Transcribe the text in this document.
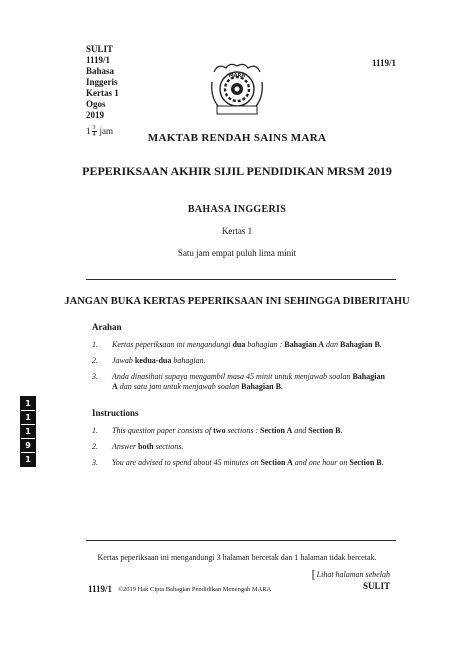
SULIT
1119/1
Bahasa
Inggeris
Kertas 1
Ogos
2019
$1 \frac{3}{4}$ jam
1119/1
MARA
MAKTAB RENDAH SAINS MARA
PEPERIKSAAN AKHIR SIJIL PENDIDIKAN MRSM 2019
BAHASA INGGERIS
Kertas 1
Satu jam empat puluh lima minit
JANGAN BUKA KERTAS PEPERIKSAAN INI SEHINGGA DIBERITAHU
Arahan
1.	Kertas peperiksaan ini mengandungi dua bahagian : Bahagian A dan Bahagian B.
2.	Jawab kedua-dua bahagian.
3.	Anda dinasihati supaya mengambil masa 45 minit untuk menjawab soalan Bahagian A dan satu jam untuk menjawab soalan Bahagian B.
1
1
1
9
1
Instructions
1.	This question paper consists of two sections : Section A and Section B.
2.	Answer both sections.
3.	You are advised to spend about 45 minutes on Section A and one hour on Section B.
Kertas peperiksaan ini mengandungi 3 halaman bercetak dan 1 halaman tidak bercetak.
[Lihat halaman sebelah
1119/1 ©2019 Hak Cipta Bahagian Pendidikan Menengah MARA	SULIT
